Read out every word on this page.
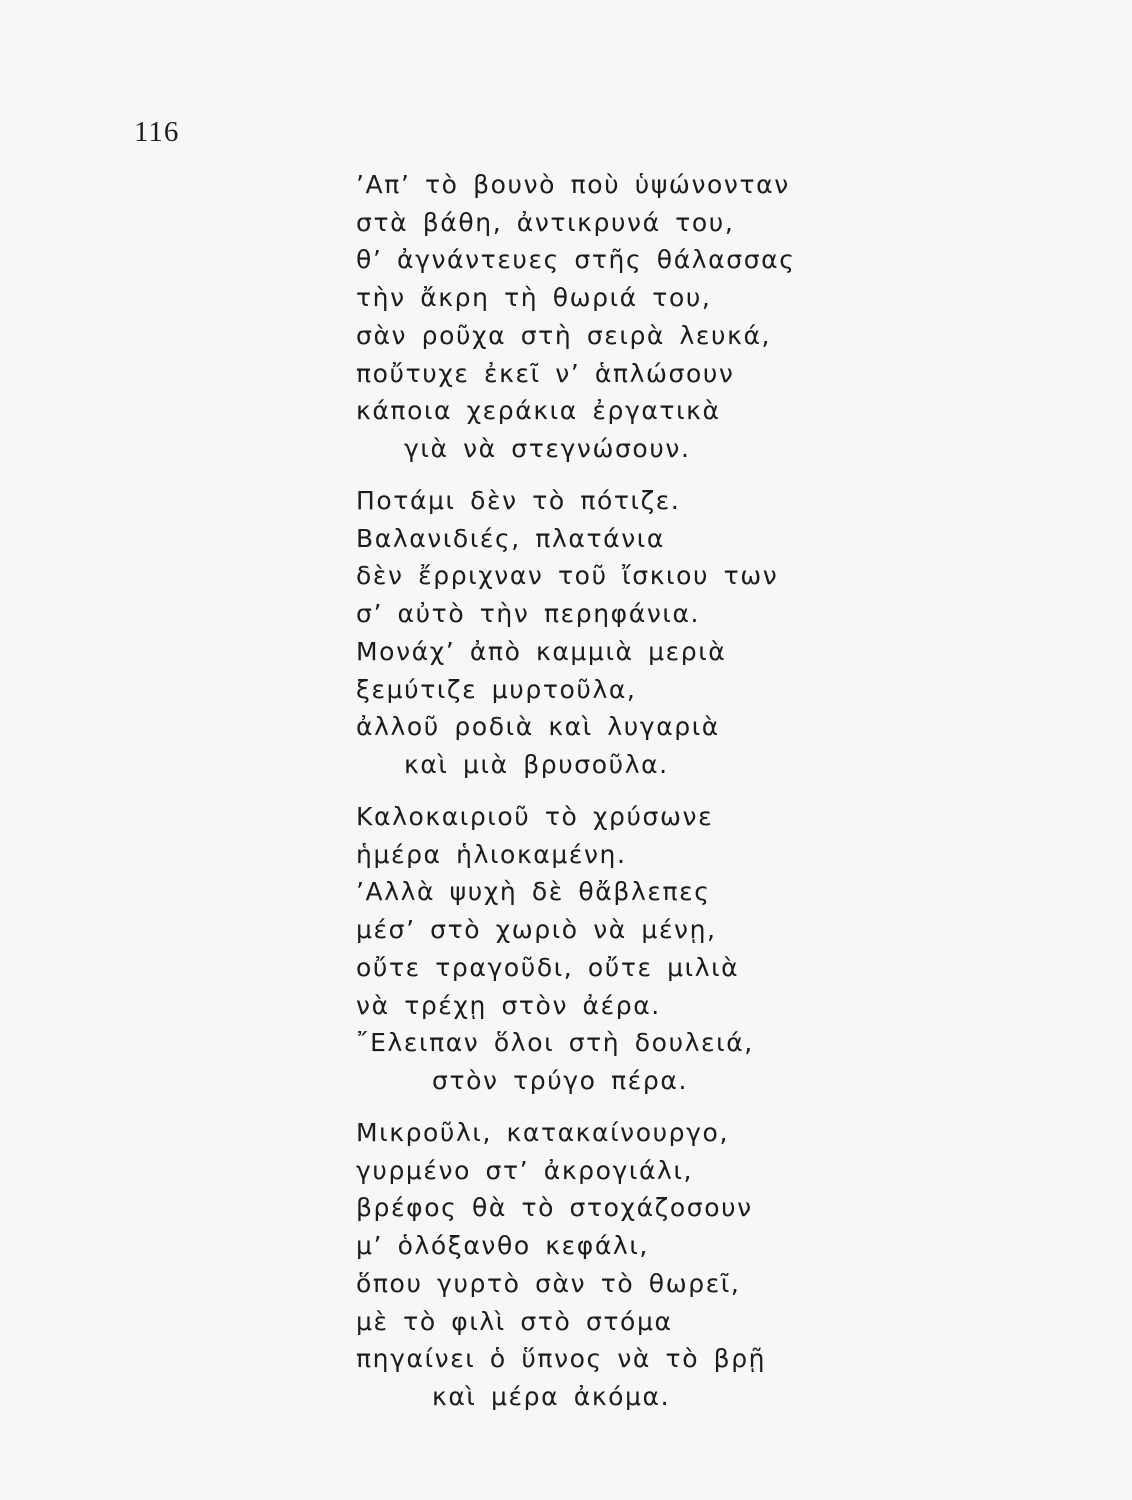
116

’Απ’ τὸ βουνὸ ποὺ ὑψώνονταν
στὰ βάθη, ἀντικρυνά του,
θ’ ἀγνάντευες στῆς θάλασσας
τὴν ἄκρη τὴ θωριά του,
σὰν ροῦχα στὴ σειρὰ λευκά,
ποὔτυχε ἐκεῖ ν’ ἁπλώσουν
κάποια χεράκια ἐργατικὰ
γιὰ νὰ στεγνώσουν.
Ποτάμι δὲν τὸ πότιζε.
Βαλανιδιές, πλατάνια
δὲν ἔρριχναν τοῦ ἴσκιου των
σ’ αὐτὸ τὴν περηφάνια.
Μονάχ’ ἀπὸ καμμιὰ μεριὰ
ξεμύτιζε μυρτοῦλα,
ἀλλοῦ ροδιὰ καὶ λυγαριὰ
καὶ μιὰ βρυσοῦλα.
Καλοκαιριοῦ τὸ χρύσωνε
ἡμέρα ἡλιοκαμένη.
’Αλλὰ ψυχὴ δὲ θἄβλεπες
μέσ’ στὸ χωριὸ νὰ μένῃ,
οὔτε τραγοῦδι, οὔτε μιλιὰ
νὰ τρέχῃ στὸν ἀέρα.
῎Ελειπαν ὅλοι στὴ δουλειά,
στὸν τρύγο πέρα.
Μικροῦλι, κατακαίνουργο,
γυρμένο στ’ ἀκρογιάλι,
βρέφος θὰ τὸ στοχάζοσουν
μ’ ὁλόξανθο κεφάλι,
ὅπου γυρτὸ σὰν τὸ θωρεῖ,
μὲ τὸ φιλὶ στὸ στόμα
πηγαίνει ὁ ὕπνος νὰ τὸ βρῇ
καὶ μέρα ἀκόμα.
